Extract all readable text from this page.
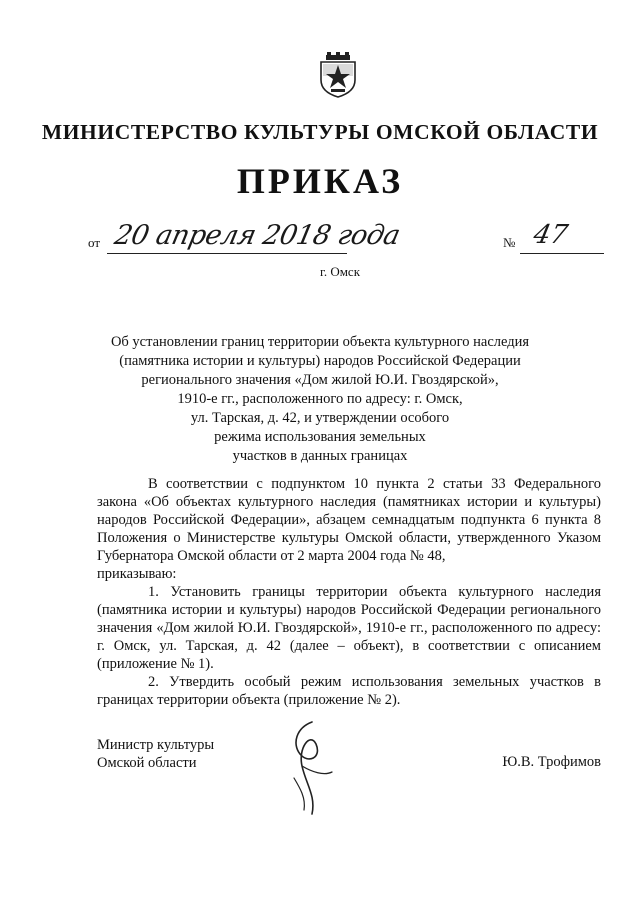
МИНИСТЕРСТВО КУЛЬТУРЫ ОМСКОЙ ОБЛАСТИ
ПРИКАЗ
от 20 апреля 2018 года	№ 47
г. Омск
Об установлении границ территории объекта культурного наследия
(памятника истории и культуры) народов Российской Федерации
регионального значения «Дом жилой Ю.И. Гвоздярской»,
1910-е гг., расположенного по адресу: г. Омск,
ул. Тарская, д. 42, и утверждении особого
режима использования земельных
участков в данных границах

В соответствии с подпунктом 10 пункта 2 статьи 33 Федерального закона «Об объектах культурного наследия (памятниках истории и культуры) народов Российской Федерации», абзацем семнадцатым подпункта 6 пункта 8 Положения о Министерстве культуры Омской области, утвержденного Указом Губернатора Омской области от 2 марта 2004 года № 48,

приказываю:

1. Установить границы территории объекта культурного наследия (памятника истории и культуры) народов Российской Федерации регионального значения «Дом жилой Ю.И. Гвоздярской», 1910-е гг., расположенного по адресу: г. Омск, ул. Тарская, д. 42 (далее – объект), в соответствии с описанием (приложение № 1).

2. Утвердить особый режим использования земельных участков в границах территории объекта (приложение № 2).

Министр культуры
Омской области	Ю.В. Трофимов
